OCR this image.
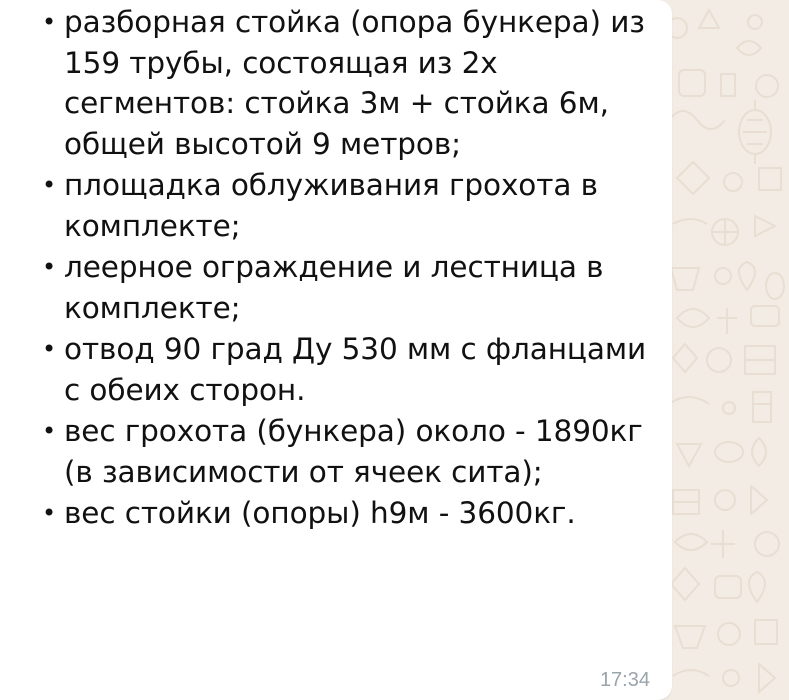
• разборная стойка (опора бункера) из 159 трубы, состоящая из 2х сегментов: стойка 3м + стойка 6м, общей высотой 9 метров;
• площадка облуживания грохота в комплекте;
• леерное ограждение и лестница в комплекте;
• отвод 90 град Ду 530 мм с фланцами с обеих сторон.
• вес грохота (бункера) около - 1890кг (в зависимости от ячеек сита);
• вес стойки (опоры) h9м - 3600кг.
17:34
